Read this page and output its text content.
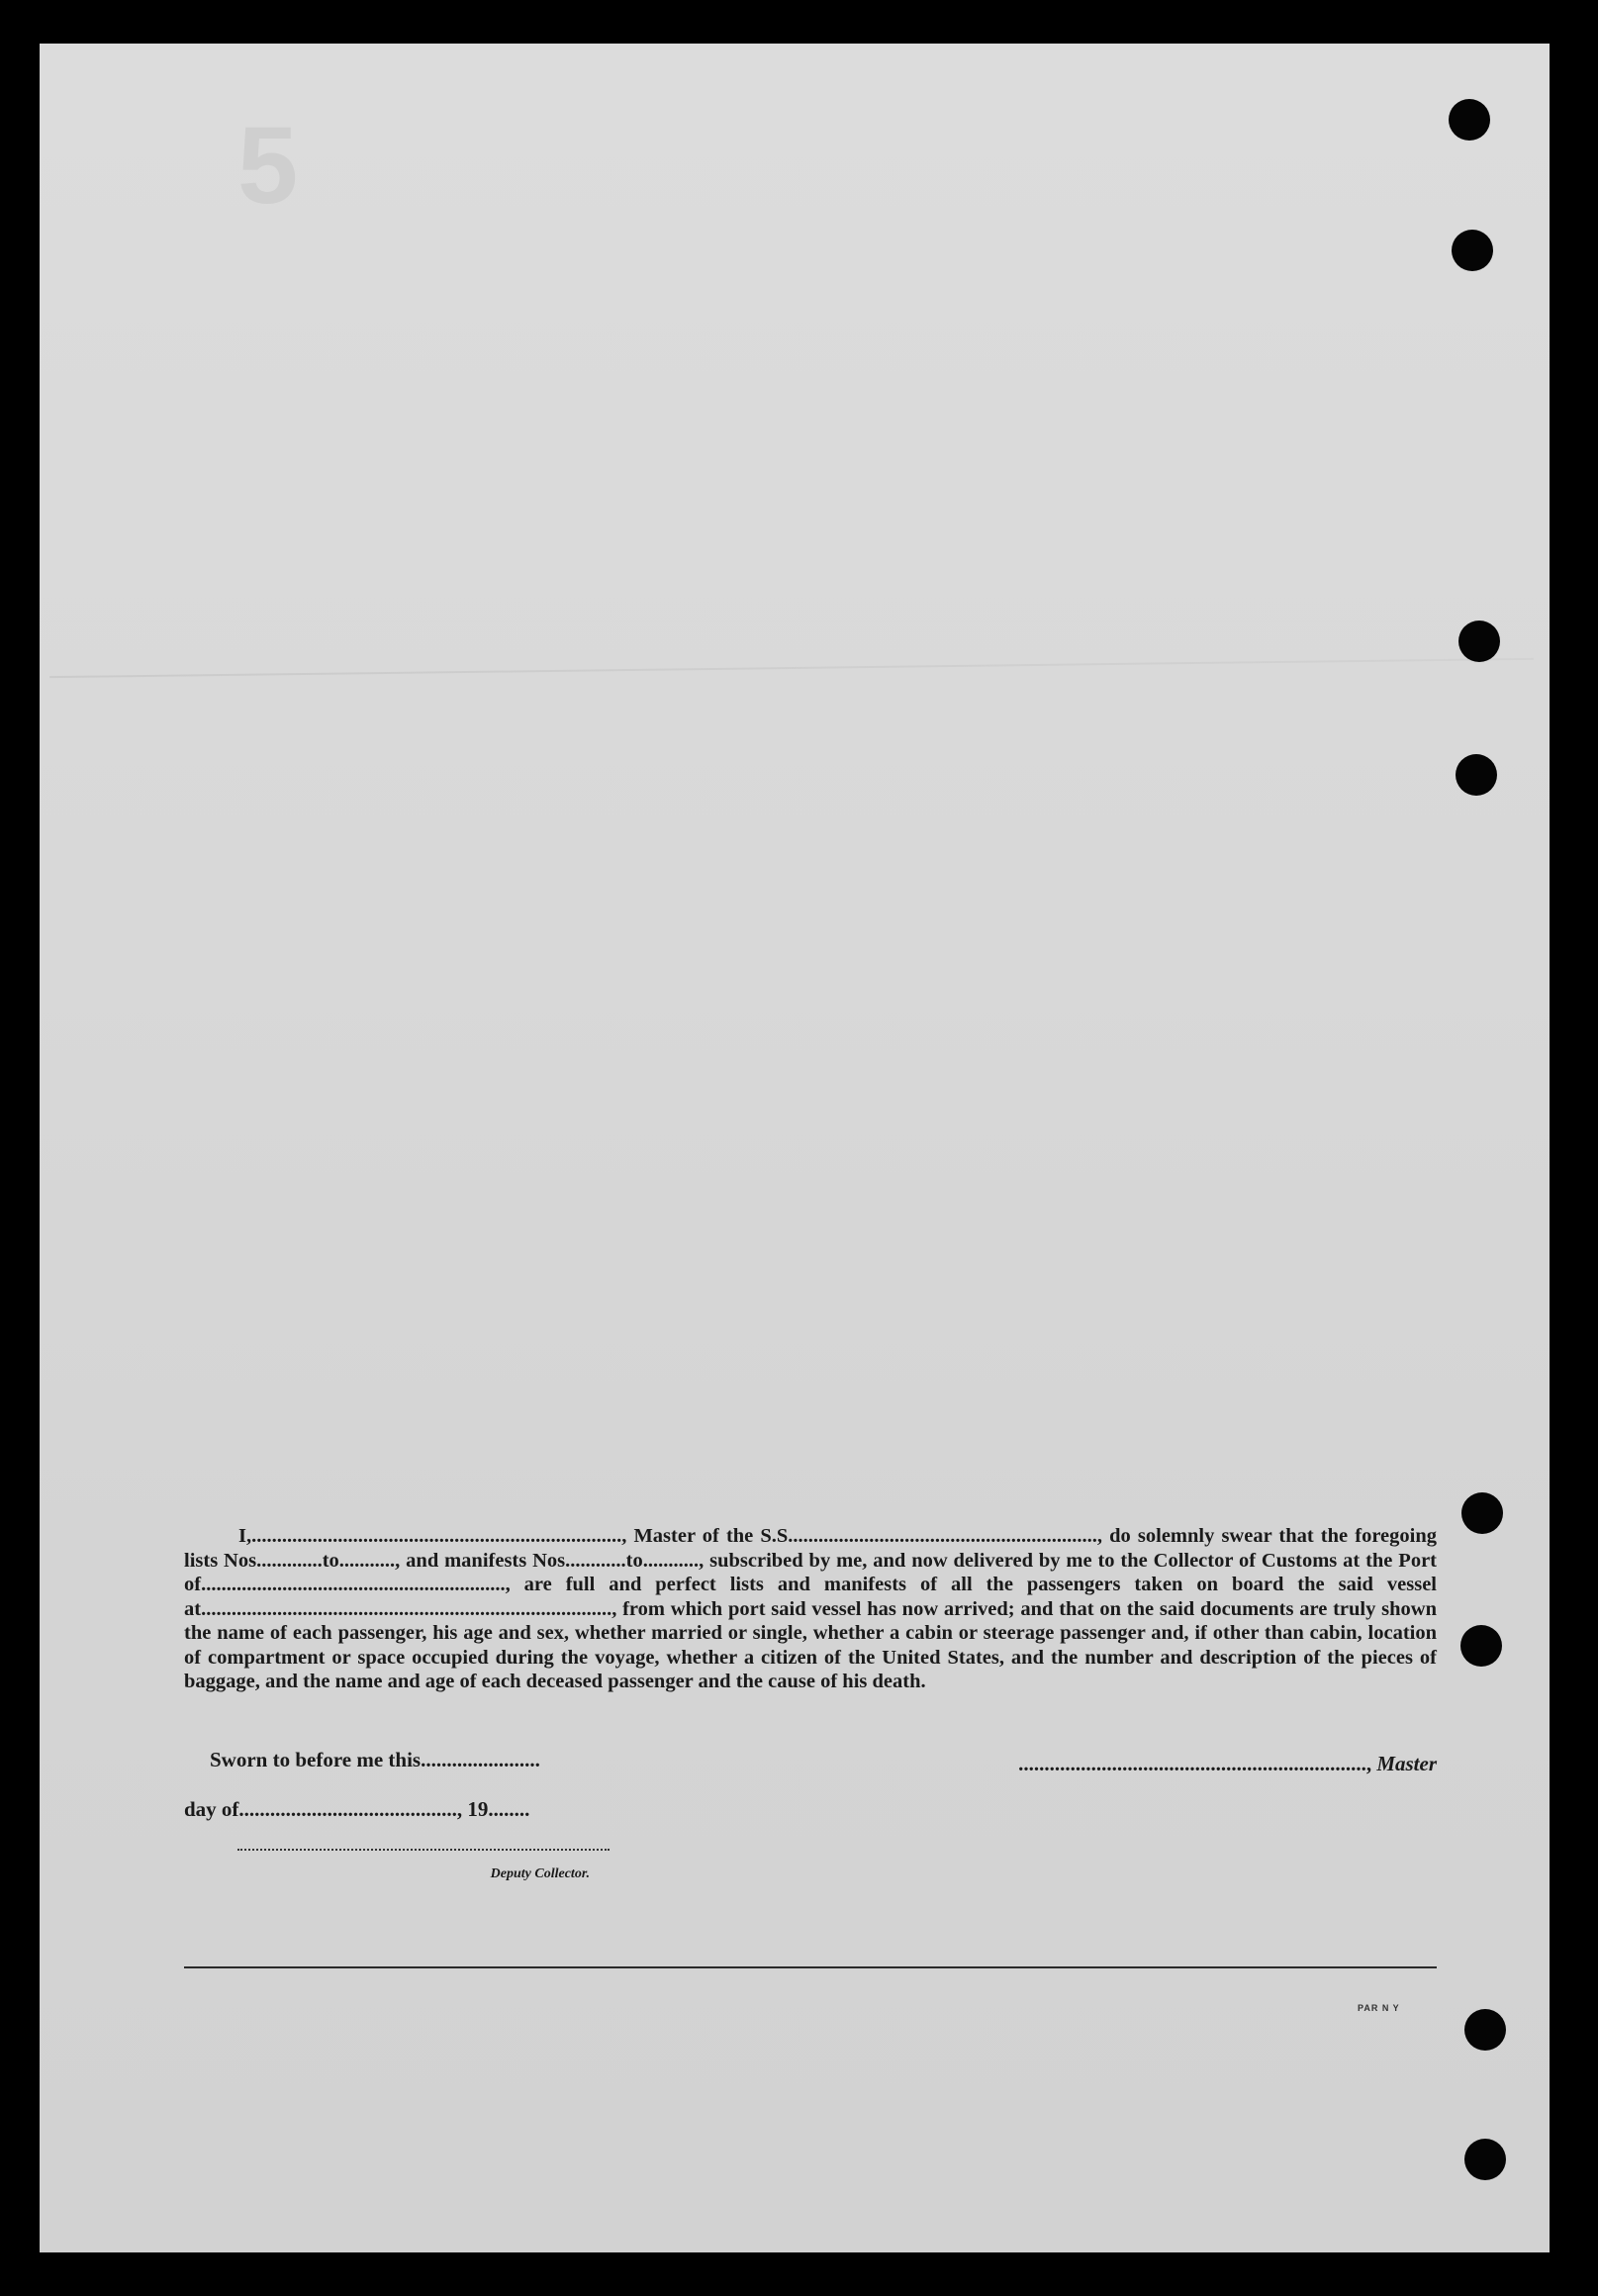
5

I,........................................................................., Master of the S.S............................................................., do solemnly swear that the foregoing lists Nos.............to..........., and manifests Nos............to..........., subscribed by me, and now delivered by me to the Collector of Customs at the Port of............................................................, are full and perfect lists and manifests of all the passengers taken on board the said vessel at................................................................................., from which port said vessel has now arrived; and that on the said documents are truly shown the name of each passenger, his age and sex, whether married or single, whether a cabin or steerage passenger and, if other than cabin, location of compartment or space occupied during the voyage, whether a citizen of the United States, and the number and description of the pieces of baggage, and the name and age of each deceased passenger and the cause of his death.

Sworn to before me this.......................
day of.........................................., 19........
..................................................................., Master
Deputy Collector.
PAR N Y
